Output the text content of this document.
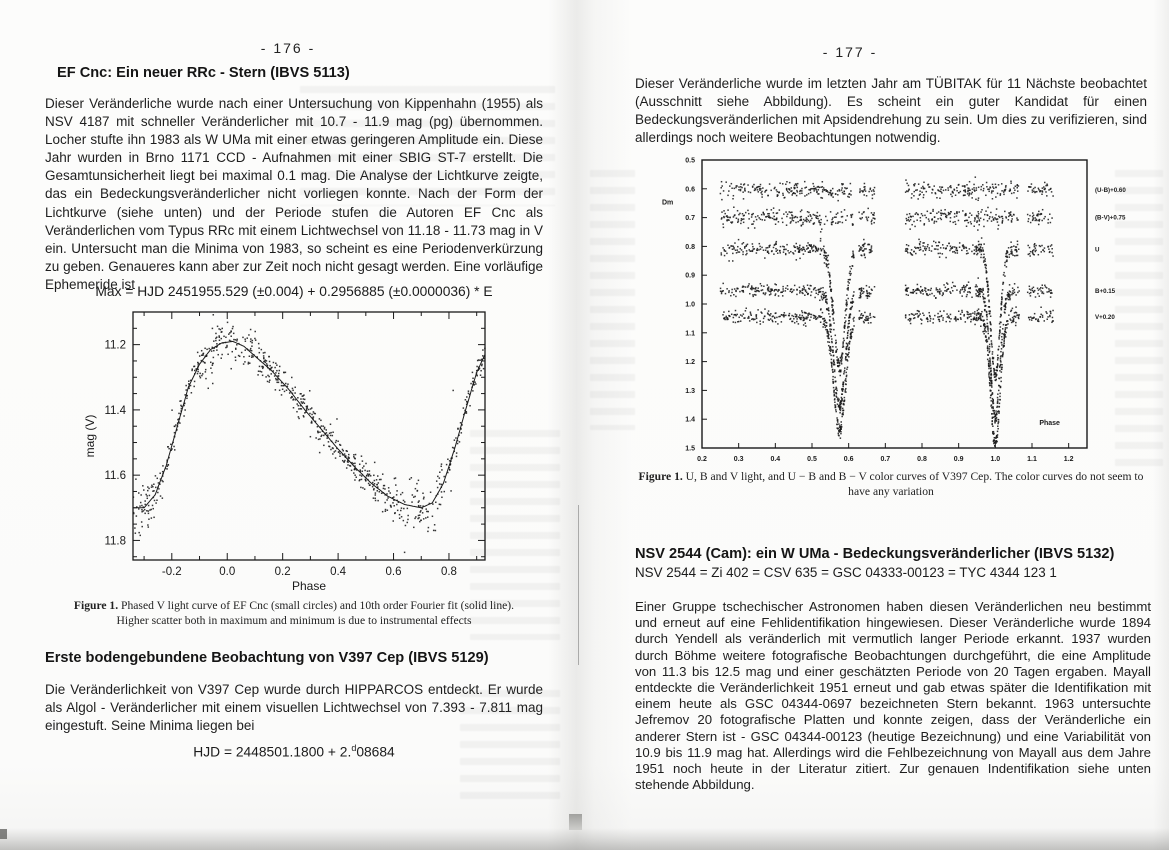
- 176 -
EF Cnc: Ein neuer RRc - Stern (IBVS 5113)
Dieser Veränderliche wurde nach einer Untersuchung von Kippenhahn (1955) als NSV 4187 mit schneller Veränderlicher mit 10.7 - 11.9 mag (pg) übernommen. Locher stufte ihn 1983 als W UMa mit einer etwas geringeren Amplitude ein. Diese Jahr wurden in Brno 1171 CCD - Aufnahmen mit einer SBIG ST-7 erstellt. Die Gesamtunsicherheit liegt bei maximal 0.1 mag. Die Analyse der Lichtkurve zeigte, das ein Bedeckungsveränderlicher nicht vorliegen konnte. Nach der Form der Lichtkurve (siehe unten) und der Periode stufen die Autoren EF Cnc als Veränderlichen vom Typus RRc mit einem Lichtwechsel von 11.18 - 11.73 mag in V ein. Untersucht man die Minima von 1983, so scheint es eine Periodenverkürzung zu geben. Genaueres kann aber zur Zeit noch nicht gesagt werden. Eine vorläufige Ephemeride ist
Max = HJD 2451955.529 (±0.004) + 0.2956885 (±0.0000036) * E
-0.2	0.0	0.2	0.4	0.6	0.8
11.2
11.4
11.6
11.8
Phase
mag (V)
Figure 1. Phased V light curve of EF Cnc (small circles) and 10th order Fourier fit (solid line). Higher scatter both in maximum and minimum is due to instrumental effects
Erste bodengebundene Beobachtung von V397 Cep (IBVS 5129)
Die Veränderlichkeit von V397 Cep wurde durch HIPPARCOS entdeckt. Er wurde als Algol - Veränderlicher mit einem visuellen Lichtwechsel von 7.393 - 7.811 mag eingestuft. Seine Minima liegen bei
HJD = 2448501.1800 + 2.$^d$08684
- 177 -
Dieser Veränderliche wurde im letzten Jahr am TÜBITAK für 11 Nächste beobachtet (Ausschnitt siehe Abbildung). Es scheint ein guter Kandidat für einen Bedeckungsveränderlichen mit Apsidendrehung zu sein. Um dies zu verifizieren, sind allerdings noch weitere Beobachtungen notwendig.
0.5
0.6
0.7
0.8
0.9
1.0
1.1
1.2
1.3
1.4
1.5
0.2	0.3	0.4	0.5	0.6	0.7	0.8	0.9	1.0	1.1	1.2
Dm
Phase
(U-B)+0.60
(B-V)+0.75
U
B+0.15
V+0.20
Figure 1. U, B and V light, and U − B and B − V color curves of V397 Cep. The color curves do not seem to have any variation
NSV 2544 (Cam): ein W UMa - Bedeckungsveränderlicher (IBVS 5132)
NSV 2544 = Zi 402 = CSV 635 = GSC 04333-00123 = TYC 4344 123 1
Einer Gruppe tschechischer Astronomen haben diesen Veränderlichen neu bestimmt und erneut auf eine Fehlidentifikation hingewiesen. Dieser Veränderliche wurde 1894 durch Yendell als veränderlich mit vermutlich langer Periode erkannt. 1937 wurden durch Böhme weitere fotografische Beobachtungen durchgeführt, die eine Amplitude von 11.3 bis 12.5 mag und einer geschätzten Periode von 20 Tagen ergaben. Mayall entdeckte die Veränderlichkeit 1951 erneut und gab etwas später die Identifikation mit einem heute als GSC 04344-0697 bezeichneten Stern bekannt. 1963 untersuchte Jefremov 20 fotografische Platten und konnte zeigen, dass der Veränderliche ein anderer Stern ist - GSC 04344-00123 (heutige Bezeichnung) und eine Variabilität von 10.9 bis 11.9 mag hat. Allerdings wird die Fehlbezeichnung von Mayall aus dem Jahre 1951 noch heute in der Literatur zitiert. Zur genauen Indentifikation siehe unten stehende Abbildung.
